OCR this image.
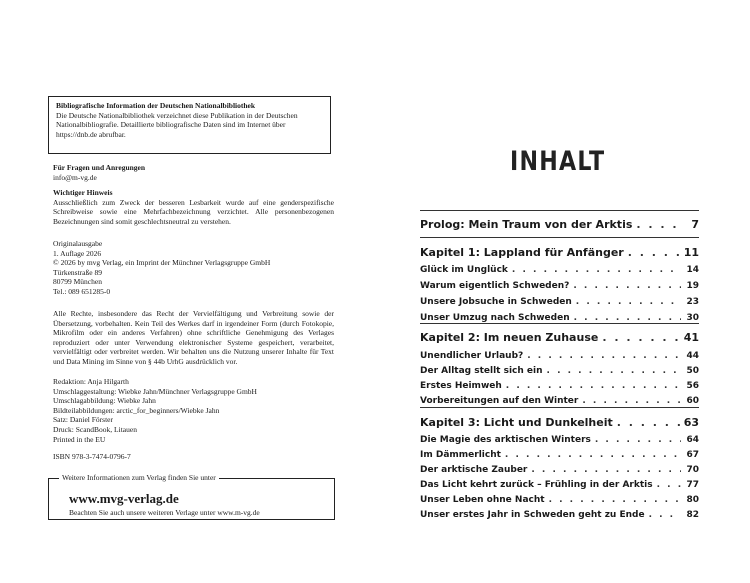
Bibliografische Information der Deutschen Nationalbibliothek
Die Deutsche Nationalbibliothek verzeichnet diese Publikation in der Deutschen
Nationalbibliografie. Detaillierte bibliografische Daten sind im Internet über
https://dnb.de abrufbar.
Für Fragen und Anregungen
info@m-vg.de
Wichtiger Hinweis
Ausschließlich zum Zweck der besseren Lesbarkeit wurde auf eine genderspezifische Schreibweise sowie eine Mehrfachbezeichnung verzichtet. Alle personenbezogenen Bezeichnungen sind somit geschlechtsneutral zu verstehen.
Originalausgabe
1. Auflage 2026
© 2026 by mvg Verlag, ein Imprint der Münchner Verlagsgruppe GmbH
Türkenstraße 89
80799 München
Tel.: 089 651285-0
Alle Rechte, insbesondere das Recht der Vervielfältigung und Verbreitung sowie der Übersetzung, vorbehalten. Kein Teil des Werkes darf in irgendeiner Form (durch Fotokopie, Mikrofilm oder ein anderes Verfahren) ohne schriftliche Genehmigung des Verlages reproduziert oder unter Verwendung elektronischer Systeme gespeichert, verarbeitet, vervielfältigt oder verbreitet werden. Wir behalten uns die Nutzung unserer Inhalte für Text und Data Mining im Sinne von § 44b UrhG ausdrücklich vor.
Redaktion: Anja Hilgarth
Umschlaggestaltung: Wiebke Jahn/Münchner Verlagsgruppe GmbH
Umschlagabbildung: Wiebke Jahn
Bildteilabbildungen: arctic_for_beginners/Wiebke Jahn
Satz: Daniel Förster
Druck: ScandBook, Litauen
Printed in the EU
ISBN 978-3-7474-0796-7
Weitere Informationen zum Verlag finden Sie unter
www.mvg-verlag.de
Beachten Sie auch unsere weiteren Verlage unter www.m-vg.de
INHALT
Prolog: Mein Traum von der Arktis . . .	7
Kapitel 1: Lappland für Anfänger . . .	11
Glück im Unglück . . .	14
Warum eigentlich Schweden? . . .	19
Unsere Jobsuche in Schweden . . .	23
Unser Umzug nach Schweden . . .	30
Kapitel 2: Im neuen Zuhause . . .	41
Unendlicher Urlaub? . . .	44
Der Alltag stellt sich ein . . .	50
Erstes Heimweh . . .	56
Vorbereitungen auf den Winter . . .	60
Kapitel 3: Licht und Dunkelheit . . .	63
Die Magie des arktischen Winters . . .	64
Im Dämmerlicht . . .	67
Der arktische Zauber . . .	70
Das Licht kehrt zurück – Frühling in der Arktis . . .	77
Unser Leben ohne Nacht . . .	80
Unser erstes Jahr in Schweden geht zu Ende . . .	82
